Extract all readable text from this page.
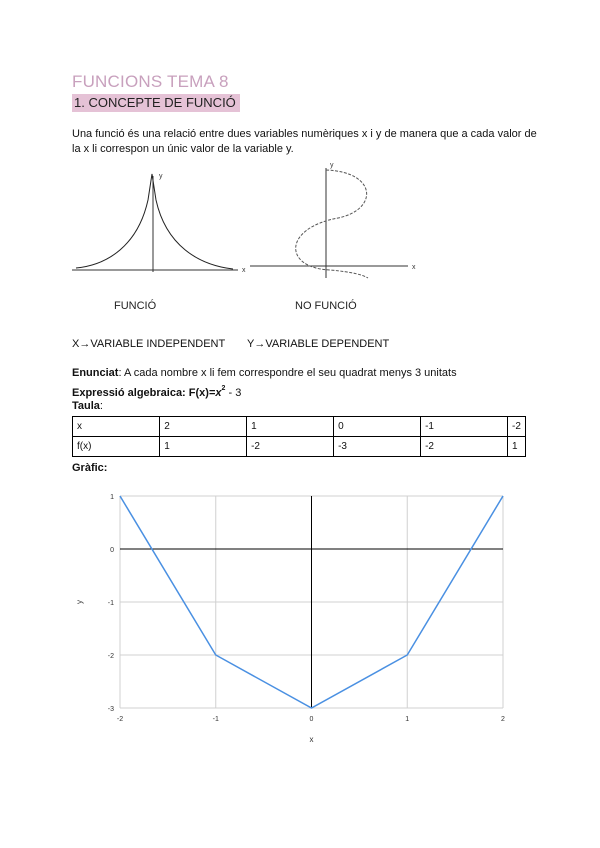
FUNCIONS TEMA 8
1. CONCEPTE DE FUNCIÓ
Una funció és una relació entre dues variables numèriques x i y de manera que a cada valor de la x li correspon un únic valor de la variable y.
x
y
x
y
FUNCIÓ	NO FUNCIÓ
X→VARIABLE INDEPENDENT Y→VARIABLE DEPENDENT
Enunciat: A cada nombre x li fem correspondre el seu quadrat menys 3 unitats
Expressió algebraica: $F(x)=x^2 - 3$
Taula:
x	2	1	0	-1	-2
f(x)	1	-2	-3	-2	1
Gràfic:
-2	-1	0	1	2
1
0
-1
-2
-3
x
y
